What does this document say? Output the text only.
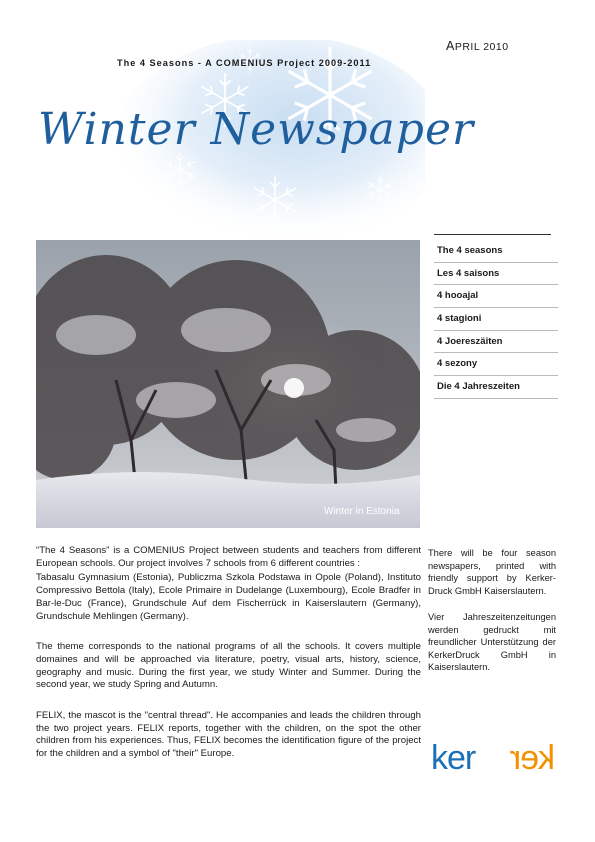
APRIL 2010
The 4 Seasons - A COMENIUS Project 2009-2011
Winter Newspaper
Winter in Estonia
The 4 seasons
Les 4 saisons
4 hooajal
4 stagioni
4 Joereszäiten
4 sezony
Die 4 Jahreszeiten

“The 4 Seasons” is a COMENIUS Project between students and teachers from different European schools. Our project involves 7 schools from 6 different countries :

Tabasalu Gymnasium (Estonia), Publiczma Szkola Podstawa in Opole (Poland), Instituto Compressivo Bettola (Italy), Ecole Primaire in Dudelange (Luxembourg), Ecole Bradfer in Bar-le-Duc (France), Grundschule Auf dem Fischerrück in Kaiserslautern (Germany), Grundschule Mehlingen (Germany).

The theme corresponds to the national programs of all the schools. It covers multiple domaines and will be approached via literature, poetry, visual arts, history, science, geography and music. During the first year, we study Winter and Summer. During the second year, we study Spring and Autumn.

FELIX, the mascot is the "central thread". He accompanies and leads the children through the two project years. FELIX reports, together with the children, on the spot the other children from his experiences. Thus, FELIX becomes the identification figure of the project for the children and a symbol of "their" Europe.

There will be four season newspapers, printed with friendly support by Kerker-Druck GmbH Kaiserslautern.

Vier Jahreszeitenzeitungen werden gedruckt mit freundlicher Unterstützung der KerkerDruck GmbH in Kaiserslautern.

ker ker
